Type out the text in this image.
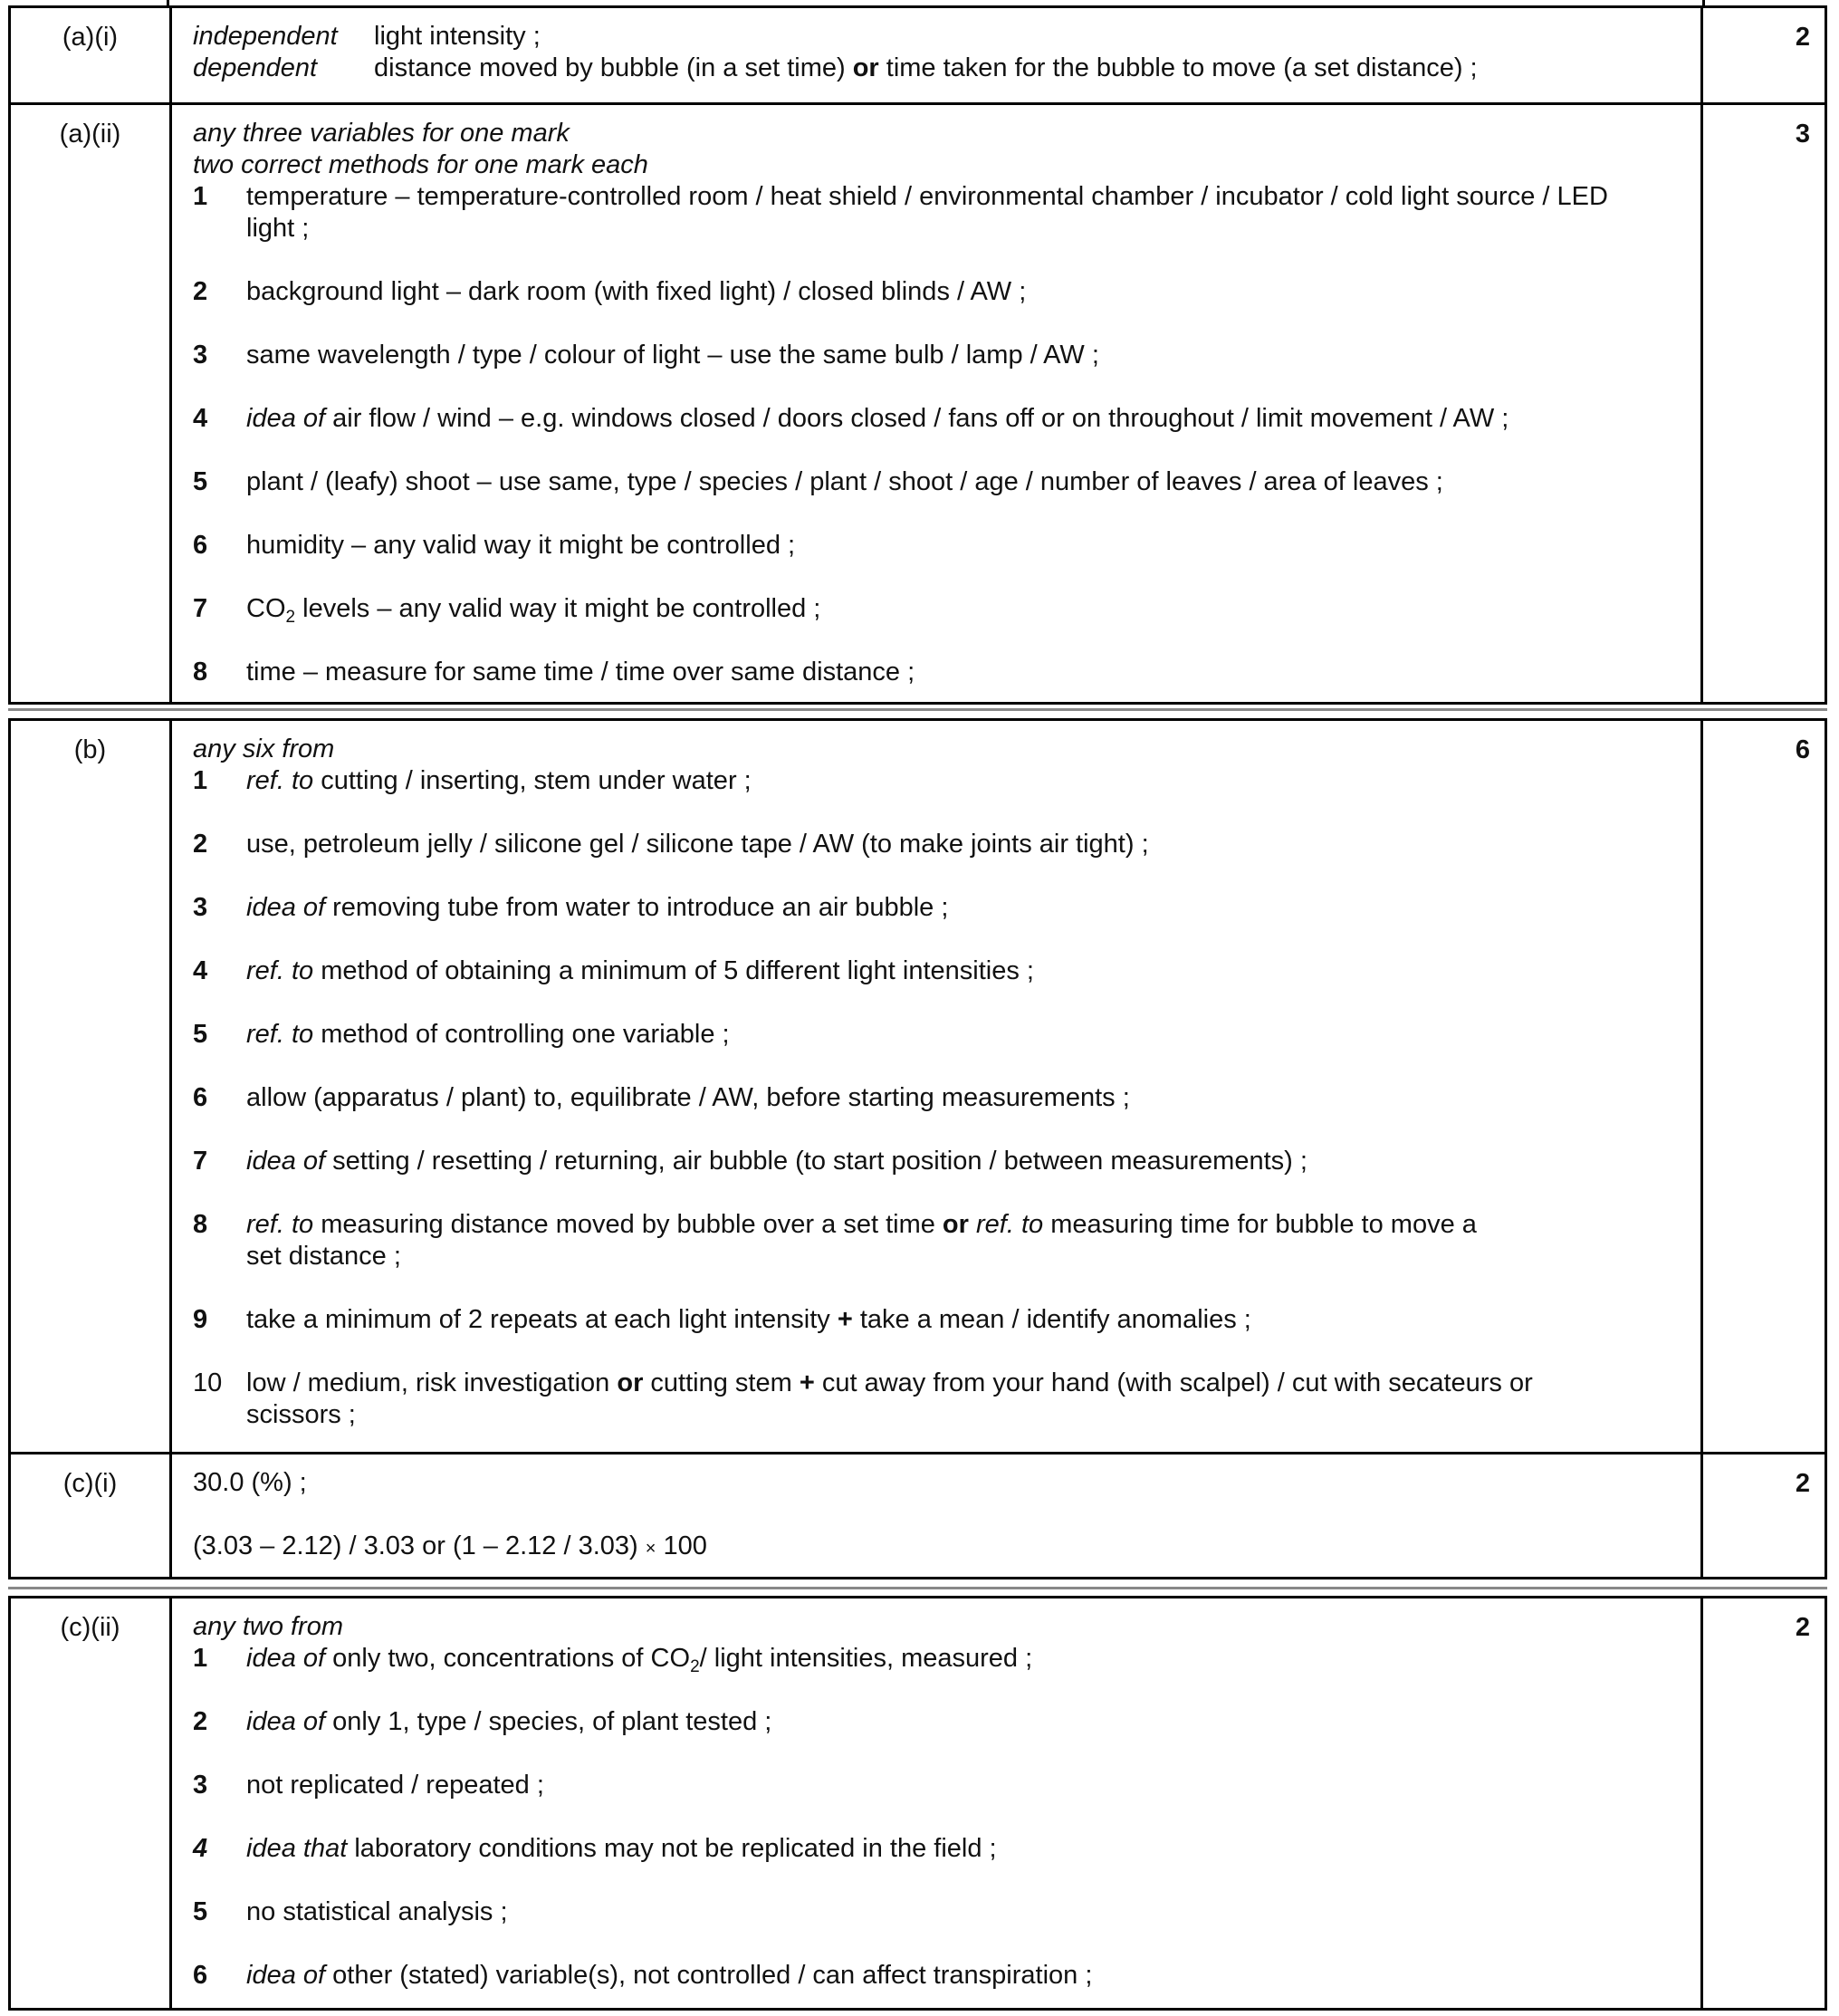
(a)(i)	independent light intensity ;
dependent distance moved by bubble (in a set time) or time taken for the bubble to move (a set distance) ;
2
(a)(ii)	any three variables for one mark
two correct methods for one mark each
1 temperature – temperature-controlled room / heat shield / environmental chamber / incubator / cold light source / LED
light ;
2 background light – dark room (with fixed light) / closed blinds / AW ;
3 same wavelength / type / colour of light – use the same bulb / lamp / AW ;
4 idea of air flow / wind – e.g. windows closed / doors closed / fans off or on throughout / limit movement / AW ;
5 plant / (leafy) shoot – use same, type / species / plant / shoot / age / number of leaves / area of leaves ;
6 humidity – any valid way it might be controlled ;
7 $CO_2$ levels – any valid way it might be controlled ;
8 time – measure for same time / time over same distance ;
3
(b)	any six from
1 ref. to cutting / inserting, stem under water ;
2 use, petroleum jelly / silicone gel / silicone tape / AW (to make joints air tight) ;
3 idea of removing tube from water to introduce an air bubble ;
4 ref. to method of obtaining a minimum of 5 different light intensities ;
5 ref. to method of controlling one variable ;
6 allow (apparatus / plant) to, equilibrate / AW, before starting measurements ;
7 idea of setting / resetting / returning, air bubble (to start position / between measurements) ;
8 ref. to measuring distance moved by bubble over a set time or ref. to measuring time for bubble to move a
set distance ;
9 take a minimum of 2 repeats at each light intensity + take a mean / identify anomalies ;
10 low / medium, risk investigation or cutting stem + cut away from your hand (with scalpel) / cut with secateurs or
scissors ;
6
(c)(i)	30.0 (%) ;
(3.03 – 2.12) / 3.03 or (1 – 2.12 / 3.03) × 100
2
(c)(ii)	any two from
1 idea of only two, concentrations of $CO_2/$ light intensities, measured ;
2 idea of only 1, type / species, of plant tested ;
3 not replicated / repeated ;
4 idea that laboratory conditions may not be replicated in the field ;
5 no statistical analysis ;
6 idea of other (stated) variable(s), not controlled / can affect transpiration ;
2
